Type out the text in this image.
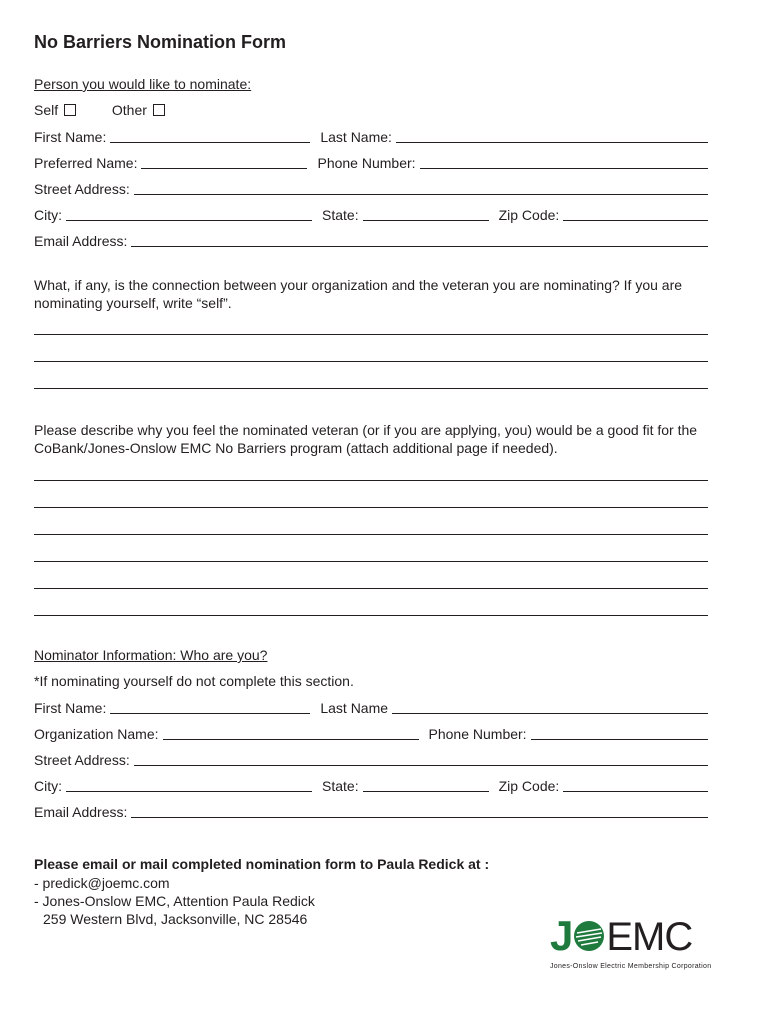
No Barriers Nomination Form
Person you would like to nominate:
Self	Other
First Name:	Last Name:
Preferred Name:	Phone Number:
Street Address:
City:	State:	Zip Code:
Email Address:
What, if any, is the connection between your organization and the veteran you are nominating? If you are nominating yourself, write “self”.
Please describe why you feel the nominated veteran (or if you are applying, you) would be a good fit for the CoBank/Jones-Onslow EMC No Barriers program (attach additional page if needed).
Nominator Information: Who are you?
*If nominating yourself do not complete this section.
First Name:	Last Name
Organization Name:	Phone Number:
Street Address:
City:	State:	Zip Code:
Email Address:
Please email or mail completed nomination form to Paula Redick at :
- predick@joemc.com
- Jones-Onslow EMC, Attention Paula Redick
259 Western Blvd, Jacksonville, NC 28546	J EMC
Jones-Onslow Electric Membership Corporation
